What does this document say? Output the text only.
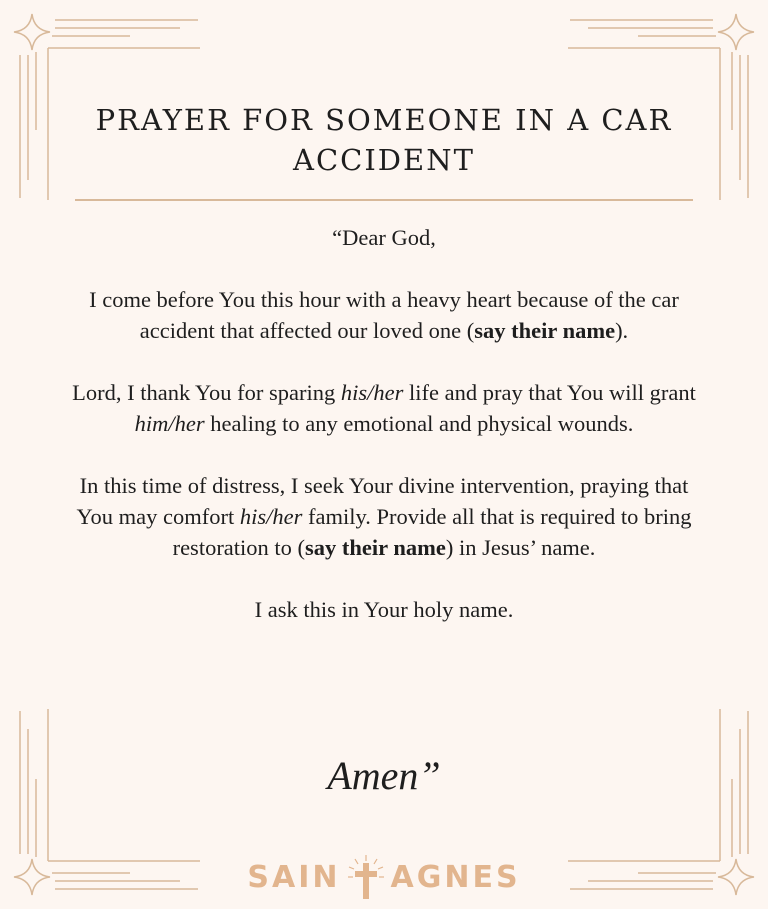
PRAYER FOR SOMEONE IN A CAR ACCIDENT

“Dear God,

I come before You this hour with a heavy heart because of the car accident that affected our loved one (say their name).

Lord, I thank You for sparing his/her life and pray that You will grant him/her healing to any emotional and physical wounds.

In this time of distress, I seek Your divine intervention, praying that You may comfort his/her family. Provide all that is required to bring restoration to (say their name) in Jesus’ name.

I ask this in Your holy name.

Amen”
SAIN AGNES
